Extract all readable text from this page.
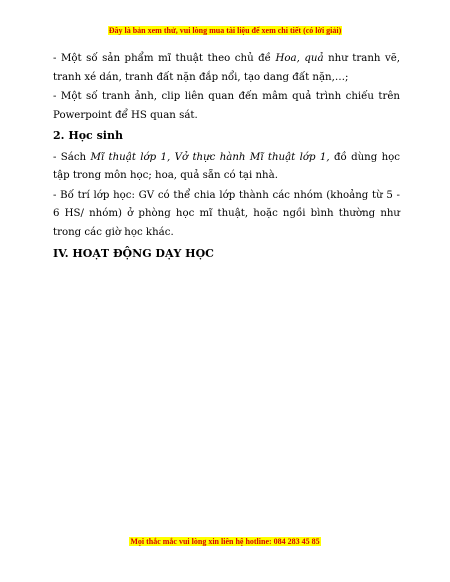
Đây là bản xem thử, vui lòng mua tài liệu để xem chi tiết (có lời giải)

- Một số sản phẩm mĩ thuật theo chủ đề Hoa, quả như tranh vẽ, tranh xé dán, tranh đất nặn đắp nổi, tạo dang đất nặn,…;

- Một số tranh ảnh, clip liên quan đến mâm quả trình chiếu trên Powerpoint để HS quan sát.

2. Học sinh

- Sách Mĩ thuật lớp 1, Vở thực hành Mĩ thuật lớp 1, đồ dùng học tập trong môn học; hoa, quả sẵn có tại nhà.

- Bố trí lớp học: GV có thể chia lớp thành các nhóm (khoảng từ 5 - 6 HS/ nhóm) ở phòng học mĩ thuật, hoặc ngồi bình thường như trong các giờ học khác.

IV. HOẠT ĐỘNG DẠY HỌC
Mọi thắc mắc vui lòng xin liên hệ hotline: 084 283 45 85
